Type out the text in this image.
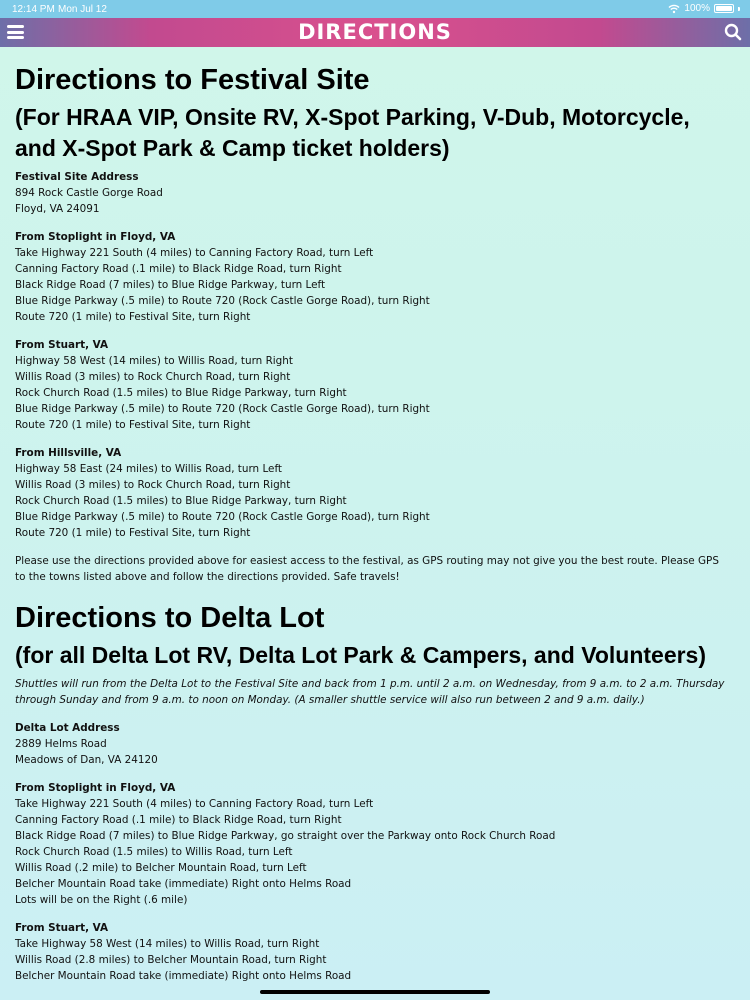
12:14 PM Mon Jul 12	100%
DIRECTIONS
Directions to Festival Site
(For HRAA VIP, Onsite RV, X-Spot Parking, V-Dub, Motorcycle, and X-Spot Park & Camp ticket holders)
Festival Site Address
894 Rock Castle Gorge Road
Floyd, VA 24091
From Stoplight in Floyd, VA
Take Highway 221 South (4 miles) to Canning Factory Road, turn Left
Canning Factory Road (.1 mile) to Black Ridge Road, turn Right
Black Ridge Road (7 miles) to Blue Ridge Parkway, turn Left
Blue Ridge Parkway (.5 mile) to Route 720 (Rock Castle Gorge Road), turn Right
Route 720 (1 mile) to Festival Site, turn Right
From Stuart, VA
Highway 58 West (14 miles) to Willis Road, turn Right
Willis Road (3 miles) to Rock Church Road, turn Right
Rock Church Road (1.5 miles) to Blue Ridge Parkway, turn Right
Blue Ridge Parkway (.5 mile) to Route 720 (Rock Castle Gorge Road), turn Right
Route 720 (1 mile) to Festival Site, turn Right
From Hillsville, VA
Highway 58 East (24 miles) to Willis Road, turn Left
Willis Road (3 miles) to Rock Church Road, turn Right
Rock Church Road (1.5 miles) to Blue Ridge Parkway, turn Right
Blue Ridge Parkway (.5 mile) to Route 720 (Rock Castle Gorge Road), turn Right
Route 720 (1 mile) to Festival Site, turn Right
Please use the directions provided above for easiest access to the festival, as GPS routing may not give you the best route. Please GPS to the towns listed above and follow the directions provided. Safe travels!
Directions to Delta Lot
(for all Delta Lot RV, Delta Lot Park & Campers, and Volunteers)
Shuttles will run from the Delta Lot to the Festival Site and back from 1 p.m. until 2 a.m. on Wednesday, from 9 a.m. to 2 a.m. Thursday through Sunday and from 9 a.m. to noon on Monday. (A smaller shuttle service will also run between 2 and 9 a.m. daily.)
Delta Lot Address
2889 Helms Road
Meadows of Dan, VA 24120
From Stoplight in Floyd, VA
Take Highway 221 South (4 miles) to Canning Factory Road, turn Left
Canning Factory Road (.1 mile) to Black Ridge Road, turn Right
Black Ridge Road (7 miles) to Blue Ridge Parkway, go straight over the Parkway onto Rock Church Road
Rock Church Road (1.5 miles) to Willis Road, turn Left
Willis Road (.2 mile) to Belcher Mountain Road, turn Left
Belcher Mountain Road take (immediate) Right onto Helms Road
Lots will be on the Right (.6 mile)
From Stuart, VA
Take Highway 58 West (14 miles) to Willis Road, turn Right
Willis Road (2.8 miles) to Belcher Mountain Road, turn Right
Belcher Mountain Road take (immediate) Right onto Helms Road
